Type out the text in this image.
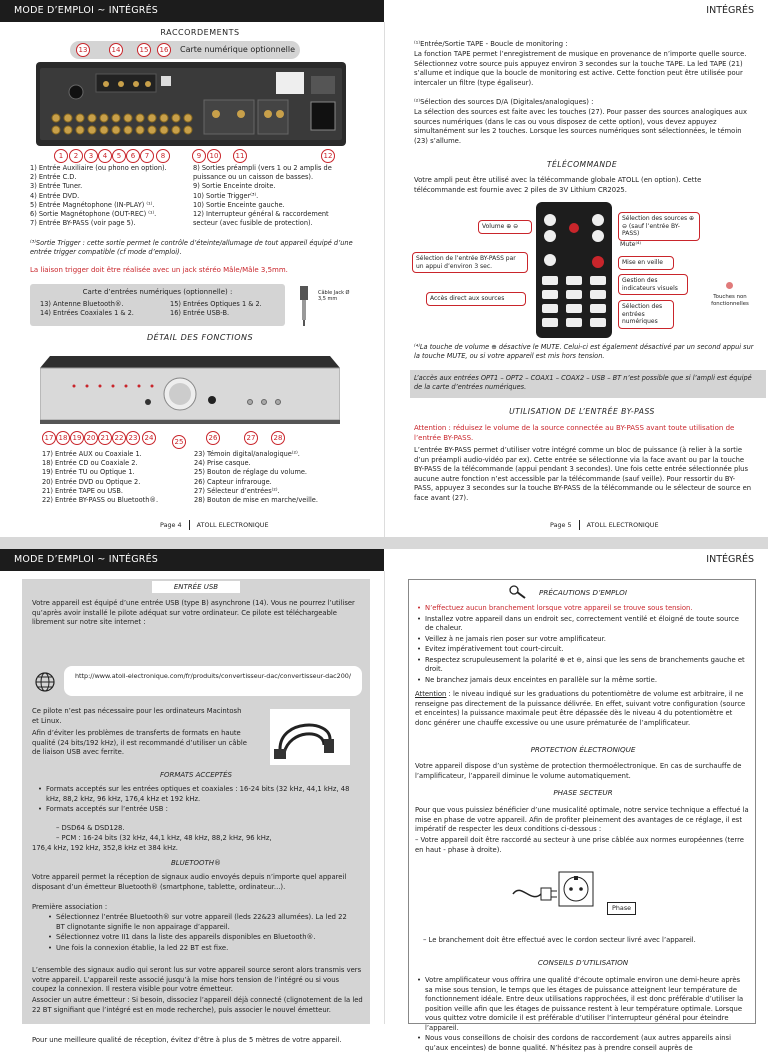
MODE D’EMPLOI ~ INTÉGRÉS	INTÉGRÉS
RACCORDEMENTS
13	14	15	16	Carte numérique optionnelle
1	2	3	4	5	6	7	8	9	10	11	12
1) Entrée Auxiliaire (ou phono en option).
2) Entrée C.D.
3) Entrée Tuner.
4) Entrée DVD.
5) Entrée Magnétophone (IN-PLAY) ⁽¹⁾.
6) Sortie Magnétophone (OUT-REC) ⁽¹⁾.
7) Entrée BY-PASS (voir page 5).
8) Sorties préampli (vers 1 ou 2 amplis de puissance ou un caisson de basses).
9) Sortie Enceinte droite.
10) Sortie Trigger⁽³⁾.
10) Sortie Enceinte gauche.
12) Interrupteur général & raccordement secteur (avec fusible de protection).
⁽³⁾Sortie Trigger : cette sortie permet le contrôle d’éteinte/allumage de tout appareil équipé d’une entrée trigger compatible (cf mode d’emploi).
La liaison trigger doit être réalisée avec un jack stéréo Mâle/Mâle 3,5mm.
Carte d’entrées numériques (optionnelle) :
13) Antenne Bluetooth®.
14) Entrées Coaxiales 1 & 2.
15) Entrées Optiques 1 & 2.
16) Entrée USB-B.
Câble Jack Ø 3,5 mm
DÉTAIL DES FONCTIONS
17 18 19 20 21 22 23	24	25	26	27	28
17) Entrée AUX ou Coaxiale 1.
18) Entrée CD ou Coaxiale 2.
19) Entrée TU ou Optique 1.
20) Entrée DVD ou Optique 2.
21) Entrée TAPE ou USB.
22) Entrée BY-PASS ou Bluetooth®.
23) Témoin digital/analogique⁽²⁾.
24) Prise casque.
25) Bouton de réglage du volume.
26) Capteur infrarouge.
27) Sélecteur d’entrées⁽²⁾.
28) Bouton de mise en marche/veille.
Page 4 ATOLL ELECTRONIQUE
⁽¹⁾Entrée/Sortie TAPE - Boucle de monitoring :
La fonction TAPE permet l’enregistrement de musique en provenance de n’importe quelle source. Sélectionnez votre source puis appuyez environ 3 secondes sur la touche TAPE. La led TAPE (21) s’allume et indique que la boucle de monitoring est active. Cette fonction peut être utilisée pour intercaler un filtre (type égaliseur).
⁽²⁾Sélection des sources D/A (Digitales/analogiques) :
La sélection des sources est faite avec les touches (27). Pour passer des sources analogiques aux sources numériques (dans le cas ou vous disposez de cette option), vous devez appuyez simultanément sur les 2 touches. Lorsque les sources numériques sont sélectionnées, le témoin (23) s’allume.
TÉLÉCOMMANDE
Votre ampli peut être utilisé avec la télécommande globale ATOLL (en option). Cette télécommande est fournie avec 2 piles de 3V Lithium CR2025.
Volume ⊕ ⊖
Sélection des sources ⊕ ⊖ (sauf l’entrée BY-PASS)
Mute⁽⁴⁾
Sélection de l’entrée BY-PASS par un appui d’environ 3 sec.	Mise en veille
Gestion des indicateurs visuels
Accès direct aux sources
Sélection des entrées numériques
Touches non fonctionnelles
⁽⁴⁾La touche de volume ⊕ désactive le MUTE. Celui-ci est également désactivé par un second appui sur la touche MUTE, ou si votre appareil est mis hors tension.
L’accès aux entrées OPT1 – OPT2 – COAX1 – COAX2 – USB – BT n’est possible que si l’ampli est équipé de la carte d’entrées numériques.
UTILISATION DE L’ENTRÉE BY-PASS
Attention : réduisez le volume de la source connectée au BY-PASS avant toute utilisation de l’entrée BY-PASS.
L’entrée BY-PASS permet d’utiliser votre intégré comme un bloc de puissance (à relier à la sortie d’un préampli audio-vidéo par ex). Cette entrée se sélectionne via la face avant ou par la touche BY-PASS de la télécommande (appui pendant 3 secondes). Une fois cette entrée sélectionnée plus aucune autre fonction n’est accessible par la télécommande (sauf veille). Pour ressortir du BY-PASS, appuyez 3 secondes sur la touche BY-PASS de la télécommande ou le sélecteur de source en face avant (27).
Page 5 ATOLL ELECTRONIQUE
MODE D’EMPLOI ~ INTÉGRÉS	INTÉGRÉS
ENTRÉE USB
Votre appareil est équipé d’une entrée USB (type B) asynchrone (14). Vous ne pourrez l’utiliser qu’après avoir installé le pilote adéquat sur votre ordinateur. Ce pilote est téléchargeable librement sur notre site internet :
http://www.atoll-electronique.com/fr/produits/convertisseur-dac/convertisseur-dac200/
Ce pilote n’est pas nécessaire pour les ordinateurs Macintosh et Linux.
Afin d’éviter les problèmes de transferts de formats en haute qualité (24 bits/192 kHz), il est recommandé d’utiliser un câble de liaison USB avec ferrite.
FORMATS ACCEPTÉS
• Formats acceptés sur les entrées optiques et coaxiales : 16-24 bits (32 kHz, 44,1 kHz, 48 kHz, 88,2 kHz, 96 kHz, 176,4 kHz et 192 kHz.
• Formats acceptés sur l’entrée USB :
– DSD64 & DSD128.
– PCM : 16-24 bits (32 kHz, 44,1 kHz, 48 kHz, 88,2 kHz, 96 kHz,
176,4 kHz, 192 kHz, 352,8 kHz et 384 kHz.
BLUETOOTH®
Votre appareil permet la réception de signaux audio envoyés depuis n’importe quel appareil disposant d’un émetteur Bluetooth® (smartphone, tablette, ordinateur...).
Première association :
• Sélectionnez l’entrée Bluetooth® sur votre appareil (leds 22&23 allumées). La led 22 BT clignotante signifie le non appairage d’appareil.
• Sélectionnez votre II1 dans la liste des appareils disponibles en Bluetooth®.
• Une fois la connexion établie, la led 22 BT est fixe.
L’ensemble des signaux audio qui seront lus sur votre appareil source seront alors transmis vers votre appareil. L’appareil reste associé jusqu’à la mise hors tension de l’intégré ou si vous coupez la connexion. Il restera visible pour votre émetteur.
Associer un autre émetteur : Si besoin, dissociez l’appareil déjà connecté (clignotement de la led 22 BT signifiant que l’intégré est en mode recherche), puis associer le nouvel émetteur.
Pour une meilleure qualité de réception, évitez d’être à plus de 5 mètres de votre appareil.
PRÉCAUTIONS D’EMPLOI
• N’effectuez aucun branchement lorsque votre appareil se trouve sous tension.
• Installez votre appareil dans un endroit sec, correctement ventilé et éloigné de toute source de chaleur.
• Veillez à ne jamais rien poser sur votre amplificateur.
• Evitez impérativement tout court-circuit.
• Respectez scrupuleusement la polarité ⊕ et ⊖, ainsi que les sens de branchements gauche et droit.
• Ne branchez jamais deux enceintes en parallèle sur la même sortie.
Attention : le niveau indiqué sur les graduations du potentiomètre de volume est arbitraire, il ne renseigne pas directement de la puissance délivrée. En effet, suivant votre configuration (source et enceintes) la puissance maximale peut être dépassée dès le niveau 4 du potentiomètre et donc générer une chauffe excessive ou une usure prématurée de l’amplificateur.
PROTECTION ÉLECTRONIQUE
Votre appareil dispose d’un système de protection thermoélectronique. En cas de surchauffe de l’amplificateur, l’appareil diminue le volume automatiquement.
PHASE SECTEUR
Pour que vous puissiez bénéficier d’une musicalité optimale, notre service technique a effectué la mise en phase de votre appareil. Afin de profiter pleinement des avantages de ce réglage, il est impératif de respecter les deux conditions ci-dessous :
– Votre appareil doit être raccordé au secteur à une prise câblée aux normes européennes (terre en haut - phase à droite).
Phase
– Le branchement doit être effectué avec le cordon secteur livré avec l’appareil.
CONSEILS D’UTILISATION
• Votre amplificateur vous offrira une qualité d’écoute optimale environ une demi-heure après sa mise sous tension, le temps que les étages de puissance atteignent leur température de fonctionnement idéale. Entre deux utilisations rapprochées, il est donc préférable d’utiliser la position veille afin que les étages de puissance restent à leur température optimale. Lorsque vous quittez votre domicile il est préférable d’utiliser l’interrupteur général pour éteindre l’appareil.
• Nous vous conseillons de choisir des cordons de raccordement (aux autres appareils ainsi qu’aux enceintes) de bonne qualité. N’hésitez pas à prendre conseil auprès de
